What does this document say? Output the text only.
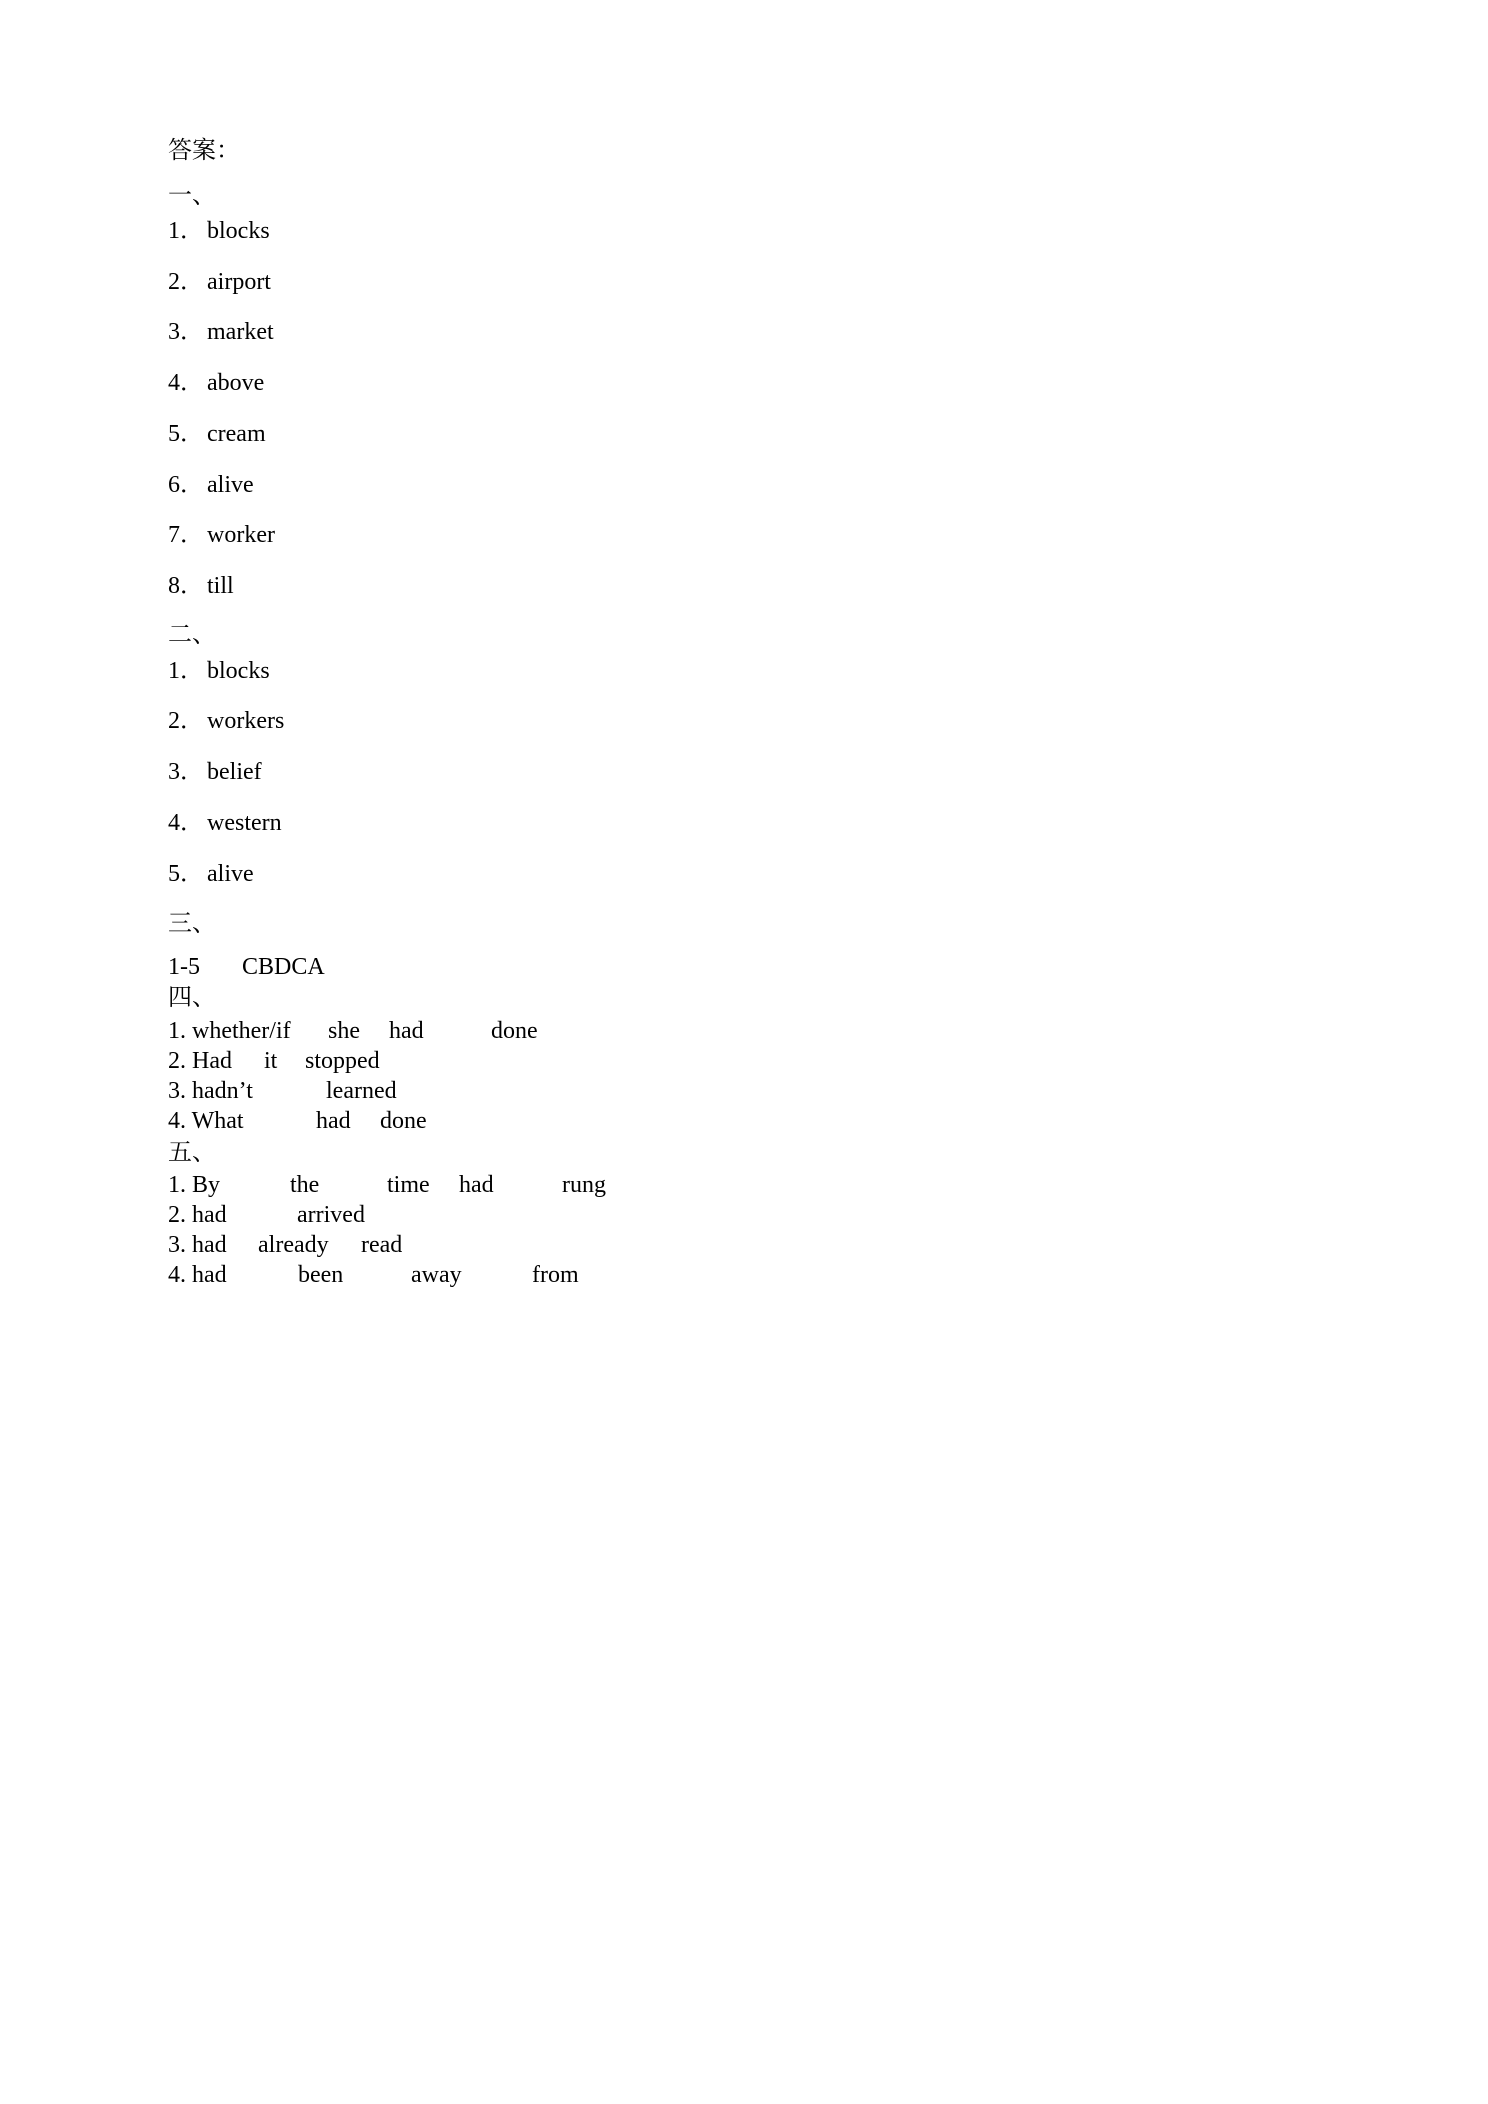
答案：
一、
1． blocks
2． airport
3． market
4． above
5． cream
6． alive
7． worker
8． till
二、
1． blocks
2． workers
3． belief
4． western
5． alive
三、
1-5 CBDCA
四、
1. whether/if she had	done
2. Had it stopped
3. hadn’t	learned
4. What	had done
五、
1. By	the	time had	rung
2. had	arrived
3. had already read
4. had	been	away	from
